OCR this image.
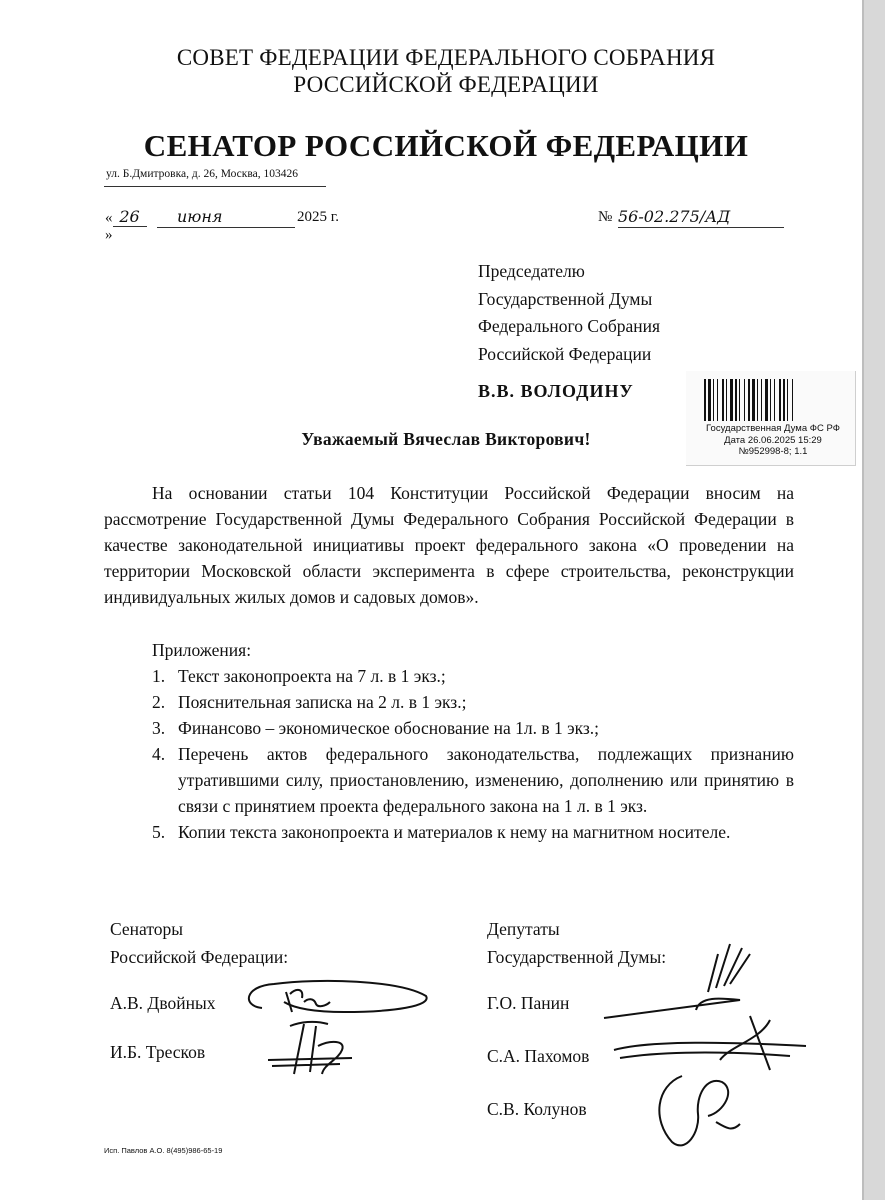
СОВЕТ ФЕДЕРАЦИИ ФЕДЕРАЛЬНОГО СОБРАНИЯ
РОССИЙСКОЙ ФЕДЕРАЦИИ
СЕНАТОР РОССИЙСКОЙ ФЕДЕРАЦИИ
ул. Б.Дмитровка, д. 26, Москва, 103426
« 26»
июня	2025 г.	№ 56-02.275/АД
Председателю
Государственной Думы
Федерального Собрания
Российской Федерации
В.В. ВОЛОДИНУ
Государственная Дума ФС РФ
Дата 26.06.2025 15:29
№952998-8; 1.1
Уважаемый Вячеслав Викторович!
На основании статьи 104 Конституции Российской Федерации вносим на рассмотрение Государственной Думы Федерального Собрания Российской Федерации в качестве законодательной инициативы проект федерального закона «О проведении на территории Московской области эксперимента в сфере строительства, реконструкции индивидуальных жилых домов и садовых домов».
Приложения:
1. Текст законопроекта на 7 л. в 1 экз.;
2. Пояснительная записка на 2 л. в 1 экз.;
3. Финансово – экономическое обоснование на 1л. в 1 экз.;
4. Перечень актов федерального законодательства, подлежащих признанию утратившими силу, приостановлению, изменению, дополнению или принятию в связи с принятием проекта федерального закона на 1 л. в 1 экз.
5. Копии текста законопроекта и материалов к нему на магнитном носителе.
Сенаторы
Российской Федерации:
А.В. Двойных
И.Б. Тресков
Депутаты
Государственной Думы:
Г.О. Панин
С.А. Пахомов
С.В. Колунов
Исп. Павлов А.О. 8(495)986-65-19
